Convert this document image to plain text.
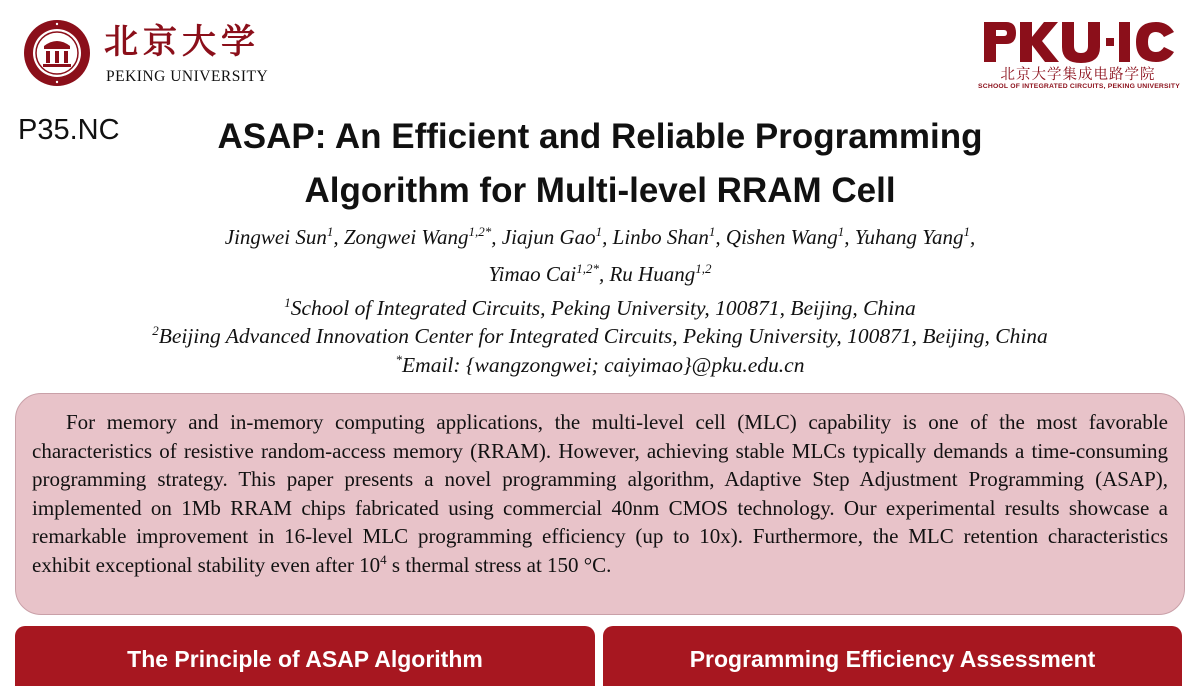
北京大学
PEKING UNIVERSITY	北京大学集成电路学院
SCHOOL OF INTEGRATED CIRCUITS, PEKING UNIVERSITY
P35.NC	ASAP: An Efficient and Reliable Programming
Algorithm for Multi-level RRAM Cell
Jingwei Sun$^1$, Zongwei Wang$^{1,2*}$, Jiajun Gao$^1$, Linbo Shan$^1$, Qishen Wang$^1$, Yuhang Yang$^1$,
Yimao Cai$^{1,2*}$, Ru Huang$^{1,2}$
$^1$School of Integrated Circuits, Peking University, 100871, Beijing, China
$^2$Beijing Advanced Innovation Center for Integrated Circuits, Peking University, 100871, Beijing, China
*Email: {wangzongwei; caiyimao}@pku.edu.cn

For memory and in-memory computing applications, the multi-level cell (MLC) capability is one of the most favorable characteristics of resistive random-access memory (RRAM). However, achieving stable MLCs typically demands a time-consuming programming strategy. This paper presents a novel programming algorithm, Adaptive Step Adjustment Programming (ASAP), implemented on 1Mb RRAM chips fabricated using commercial 40nm CMOS technology. Our experimental results showcase a remarkable improvement in 16-level MLC programming efficiency (up to 10x). Furthermore, the MLC retention characteristics exhibit exceptional stability even after $10^4$ s thermal stress at 150 °C.

The Principle of ASAP Algorithm	Programming Efficiency Assessment
